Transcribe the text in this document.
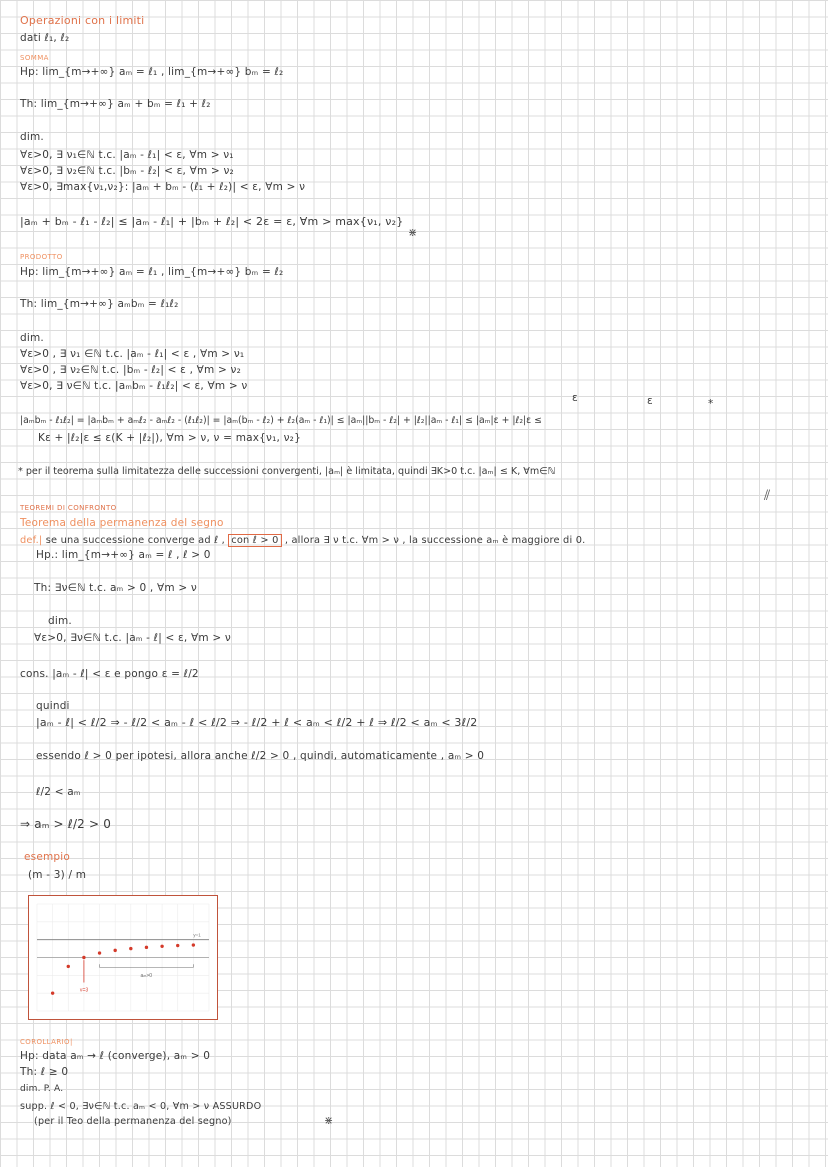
Operazioni con i limiti
dati ℓ₁, ℓ₂
SOMMA
Hp: lim_{m→+∞} aₘ = ℓ₁ , lim_{m→+∞} bₘ = ℓ₂
Th: lim_{m→+∞} aₘ + bₘ = ℓ₁ + ℓ₂
dim.
∀ε>0, ∃ ν₁∈ℕ t.c. |aₘ - ℓ₁| < ε, ∀m > ν₁
∀ε>0, ∃ ν₂∈ℕ t.c. |bₘ - ℓ₂| < ε, ∀m > ν₂
∀ε>0, ∃max{ν₁,ν₂}: |aₘ + bₘ - (ℓ₁ + ℓ₂)| < ε, ∀m > ν
|aₘ + bₘ - ℓ₁ - ℓ₂| ≤ |aₘ - ℓ₁| + |bₘ + ℓ₂| < 2ε = ε, ∀m > max{ν₁, ν₂}
⋇
PRODOTTO
Hp: lim_{m→+∞} aₘ = ℓ₁ , lim_{m→+∞} bₘ = ℓ₂
Th: lim_{m→+∞} aₘbₘ = ℓ₁ℓ₂
dim.
∀ε>0 , ∃ ν₁ ∈ℕ t.c. |aₘ - ℓ₁| < ε , ∀m > ν₁
∀ε>0 , ∃ ν₂∈ℕ t.c. |bₘ - ℓ₂| < ε , ∀m > ν₂
∀ε>0, ∃ ν∈ℕ t.c. |aₘbₘ - ℓ₁ℓ₂| < ε, ∀m > ν
ε	ε	*
|aₘbₘ - ℓ₁ℓ₂| = |aₘbₘ + aₘℓ₂ - aₘℓ₂ - (ℓ₁ℓ₂)| = |aₘ(bₘ - ℓ₂) + ℓ₂(aₘ - ℓ₁)| ≤ |aₘ||bₘ - ℓ₂| + |ℓ₂||aₘ - ℓ₁| ≤ |aₘ|ε + |ℓ₂|ε ≤
Kε + |ℓ₂|ε ≤ ε(K + |ℓ₂|), ∀m > ν, ν = max{ν₁, ν₂}
* per il teorema sulla limitatezza delle successioni convergenti, |aₘ| è limitata, quindi ∃K>0 t.c. |aₘ| ≤ K, ∀m∈ℕ
⫽
TEOREMI DI CONFRONTO
Teorema della permanenza del segno
def.| se una successione converge ad ℓ , con ℓ > 0 , allora ∃ ν t.c. ∀m > ν , la successione aₘ è maggiore di 0.
Hp.: lim_{m→+∞} aₘ = ℓ , ℓ > 0
Th: ∃ν∈ℕ t.c. aₘ > 0 , ∀m > ν
dim.
∀ε>0, ∃ν∈ℕ t.c. |aₘ - ℓ| < ε, ∀m > ν
cons. |aₘ - ℓ| < ε e pongo ε = ℓ/2
quindi
|aₘ - ℓ| < ℓ/2 ⇒ - ℓ/2 < aₘ - ℓ < ℓ/2 ⇒ - ℓ/2 + ℓ < aₘ < ℓ/2 + ℓ ⇒ ℓ/2 < aₘ < 3ℓ/2
essendo ℓ > 0 per ipotesi, allora anche ℓ/2 > 0 , quindi, automaticamente , aₘ > 0
ℓ/2 < aₘ
⇒ aₘ > ℓ/2 > 0
esempio
(m - 3) / m
ν=3
aₘ>0
y=1
COROLLARIO|
Hp: data aₘ → ℓ (converge), aₘ > 0
Th: ℓ ≥ 0
dim. P. A.
supp. ℓ < 0, ∃ν∈ℕ t.c. aₘ < 0, ∀m > ν ASSURDO
(per il Teo della permanenza del segno)	⋇
